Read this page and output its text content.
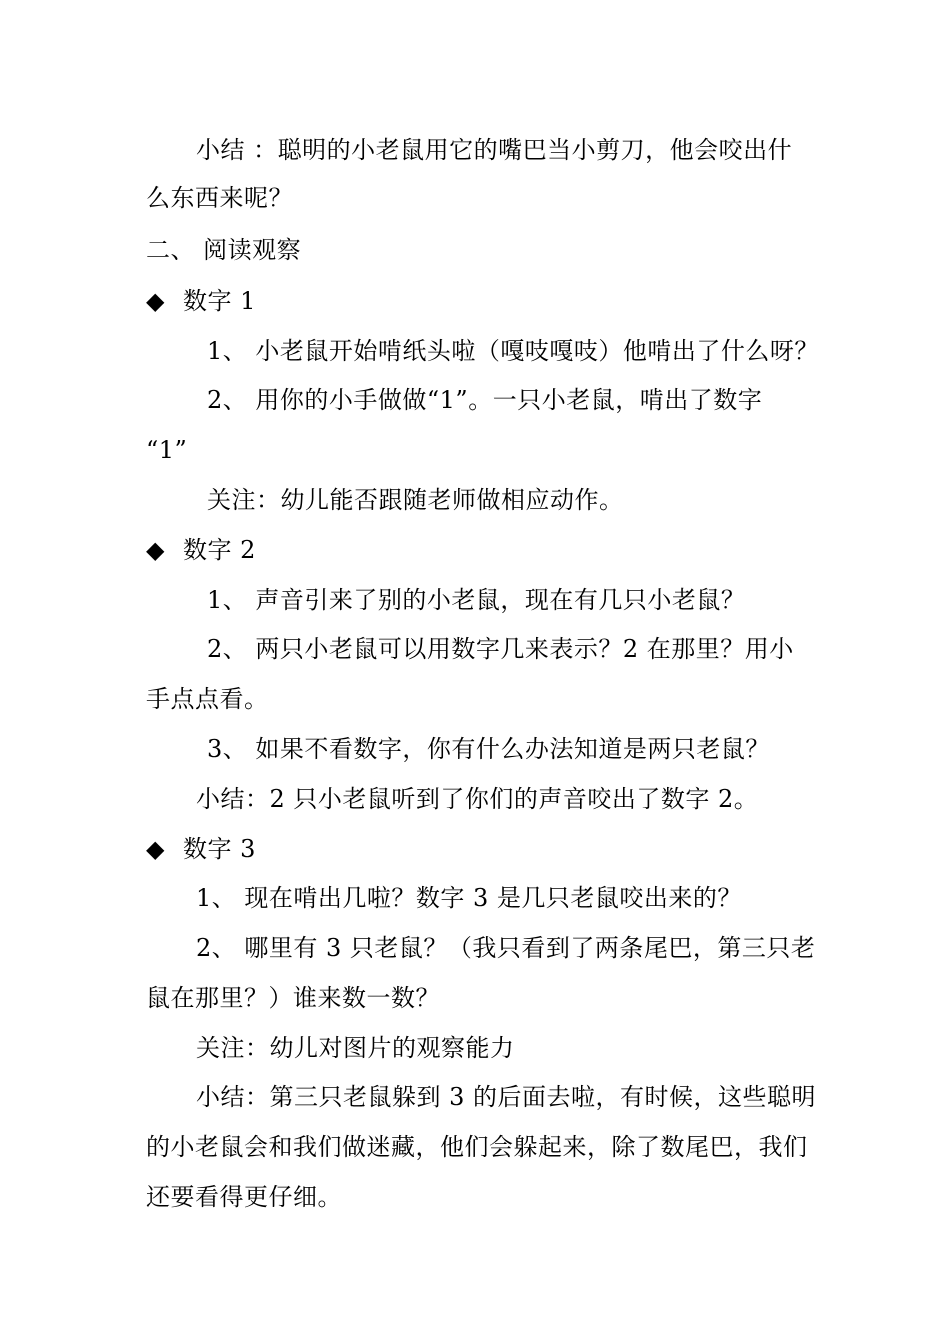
小结 ：聪明的小老鼠用它的嘴巴当小剪刀，他会咬出什
么东西来呢？
二、 阅读观察
◆ 数字 1
1、 小老鼠开始啃纸头啦（嘎吱嘎吱）他啃出了什么呀？
2、 用你的小手做做“1”。一只小老鼠，啃出了数字
“1”
关注：幼儿能否跟随老师做相应动作。
◆ 数字 2
1、 声音引来了别的小老鼠，现在有几只小老鼠？
2、 两只小老鼠可以用数字几来表示？2 在那里？用小
手点点看。
3、 如果不看数字，你有什么办法知道是两只老鼠？
小结：2 只小老鼠听到了你们的声音咬出了数字 2。
◆ 数字 3
1、 现在啃出几啦？数字 3 是几只老鼠咬出来的？
2、 哪里有 3 只老鼠？（我只看到了两条尾巴，第三只老
鼠在那里？）谁来数一数？
关注：幼儿对图片的观察能力
小结：第三只老鼠躲到 3 的后面去啦，有时候，这些聪明
的小老鼠会和我们做迷藏，他们会躲起来，除了数尾巴，我们
还要看得更仔细。
